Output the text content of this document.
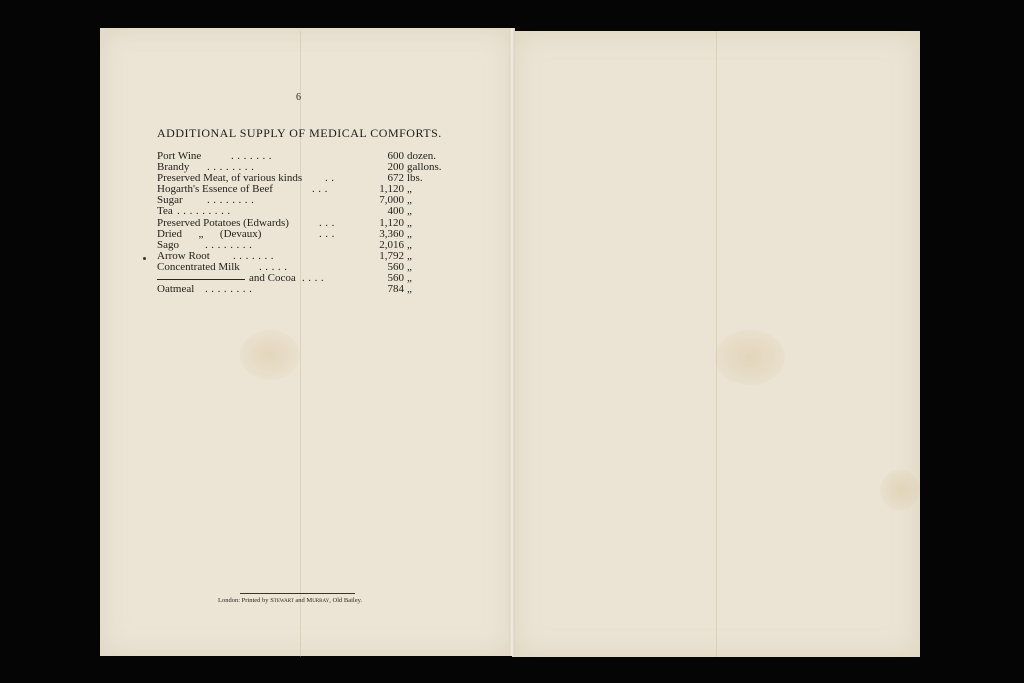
6
ADDITIONAL SUPPLY OF MEDICAL COMFORTS.
Port Wine	. . . . . . .	600 dozen.
Brandy . . . . . . . .	200 gallons.
Preserved Meat, of various kinds . .	672 lbs.
Hogarth's Essence of Beef	. . .	1,120 „
Sugar . . . . . . . .	7,000 „
Tea . . . . . . . . .	400 „
Preserved Potatoes (Edwards)	. . .	1,120 „
Dried      „      (Devaux)	. . .	3,360 „
Sago . . . . . . . .	2,016 „
Arrow Root . . . . . . .	1,792 „
Concentrated Milk . . . . .	560 „
and Cocoa . . . .	560 „
Oatmeal . . . . . . . .	784 „
London: Printed by Stewart and Murray, Old Bailey.
